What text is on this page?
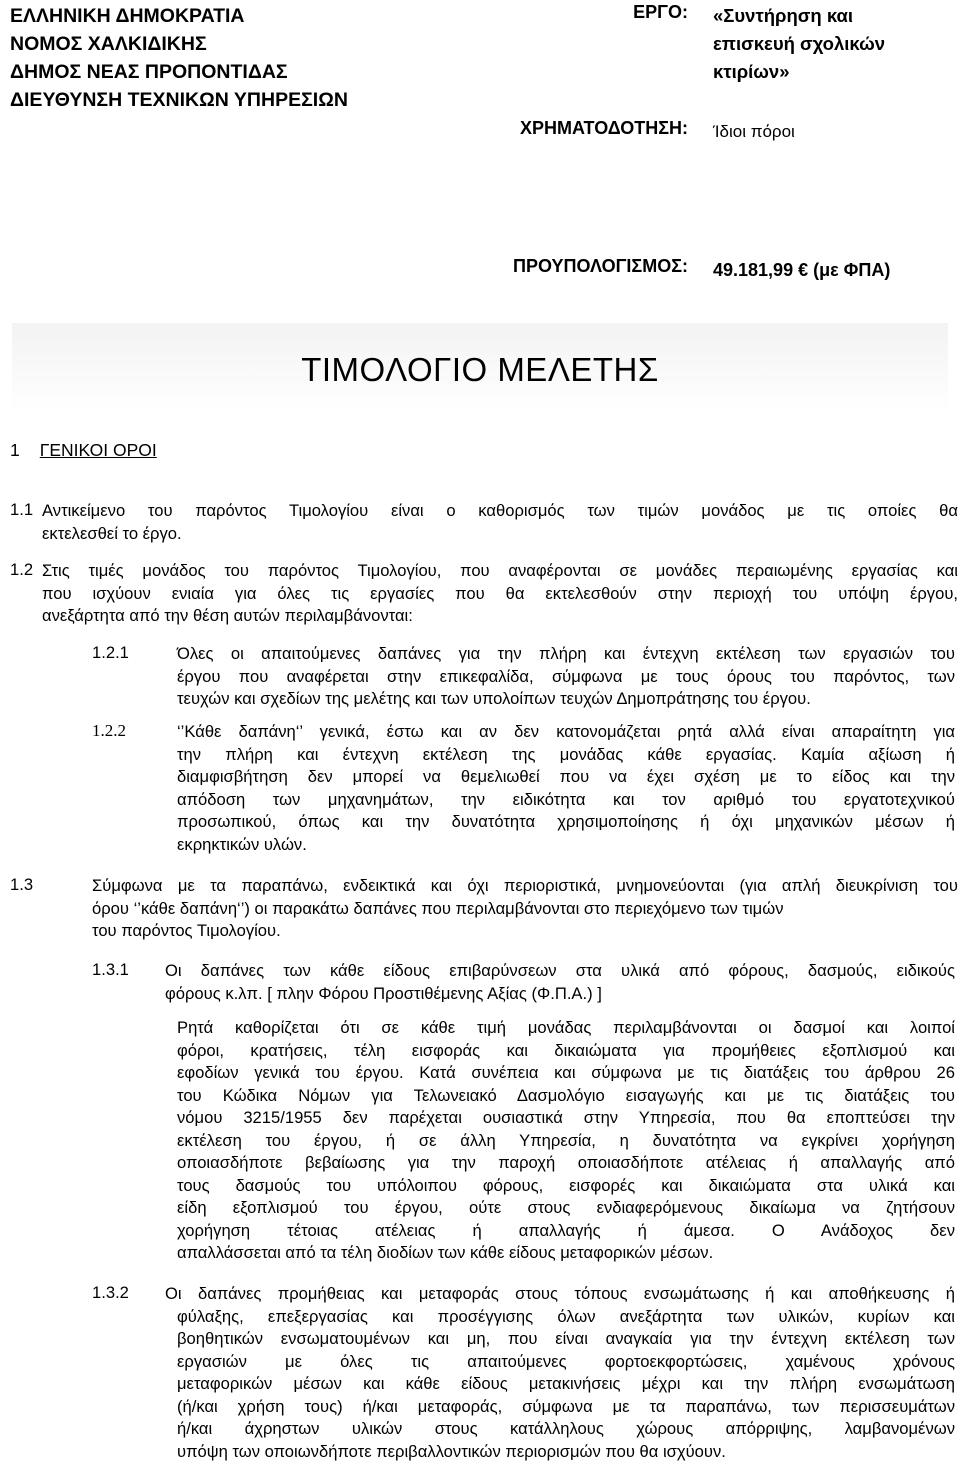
ΕΛΛΗΝΙΚΗ ΔΗΜΟΚΡΑΤΙΑ
ΝΟΜΟΣ ΧΑΛΚΙΔΙΚΗΣ
ΔΗΜΟΣ ΝΕΑΣ ΠΡΟΠΟΝΤΙΔΑΣ
ΔΙΕΥΘΥΝΣΗ ΤΕΧΝΙΚΩΝ ΥΠΗΡΕΣΙΩΝ
ΕΡΓΟ: «Συντήρηση και
επισκευή σχολικών
κτιρίων»
ΧΡΗΜΑΤΟΔΟΤΗΣΗ: Ίδιοι πόροι
ΠΡΟΥΠΟΛΟΓΙΣΜΟΣ: 49.181,99 € (με ΦΠΑ)
ΤΙΜΟΛΟΓΙΟ ΜΕΛΕΤΗΣ
1 ΓΕΝΙΚΟΙ ΟΡΟΙ
1.1 Αντικείμενο του παρόντος Τιμολογίου είναι ο καθορισμός των τιμών μονάδος με τις οποίες θα
εκτελεσθεί το έργο.
1.2 Στις τιμές μονάδος του παρόντος Τιμολογίου, που αναφέρονται σε μονάδες περαιωμένης εργασίας και
που ισχύουν ενιαία για όλες τις εργασίες που θα εκτελεσθούν στην περιοχή του υπόψη έργου,
ανεξάρτητα από την θέση αυτών περιλαμβάνονται:
1.2.1	Όλες οι απαιτούμενες δαπάνες για την πλήρη και έντεχνη εκτέλεση των εργασιών του
έργου που αναφέρεται στην επικεφαλίδα, σύμφωνα με τους όρους του παρόντος, των
τευχών και σχεδίων της μελέτης και των υπολοίπων τευχών Δημοπράτησης του έργου.
1.2.2	‘’Κάθε δαπάνη‘’ γενικά, έστω και αν δεν κατονομάζεται ρητά αλλά είναι απαραίτητη για
την πλήρη και έντεχνη εκτέλεση της μονάδας κάθε εργασίας. Καμία αξίωση ή
διαμφισβήτηση δεν μπορεί να θεμελιωθεί που να έχει σχέση με το είδος και την
απόδοση των μηχανημάτων, την ειδικότητα και τον αριθμό του εργατοτεχνικού
προσωπικού, όπως και την δυνατότητα χρησιμοποίησης ή όχι μηχανικών μέσων ή
εκρηκτικών υλών.
1.3	Σύμφωνα με τα παραπάνω, ενδεικτικά και όχι περιοριστικά, μνημονεύονται (για απλή διευκρίνιση του
όρου ‘’κάθε δαπάνη‘’) οι παρακάτω δαπάνες που περιλαμβάνονται στο περιεχόμενο των τιμών
του παρόντος Τιμολογίου.
1.3.1 Οι δαπάνες των κάθε είδους επιβαρύνσεων στα υλικά από φόρους, δασμούς, ειδικούς
φόρους κ.λπ. [ πλην Φόρου Προστιθέμενης Αξίας (Φ.Π.Α.) ]
Ρητά καθορίζεται ότι σε κάθε τιμή μονάδας περιλαμβάνονται οι δασμοί και λοιποί
φόροι, κρατήσεις, τέλη εισφοράς και δικαιώματα για προμήθειες εξοπλισμού και
εφοδίων γενικά του έργου. Κατά συνέπεια και σύμφωνα με τις διατάξεις του άρθρου 26
του Κώδικα Νόμων για Τελωνειακό Δασμολόγιο εισαγωγής και με τις διατάξεις του
νόμου 3215/1955 δεν παρέχεται ουσιαστικά στην Υπηρεσία, που θα εποπτεύσει την
εκτέλεση του έργου, ή σε άλλη Υπηρεσία, η δυνατότητα να εγκρίνει χορήγηση
οποιασδήποτε βεβαίωσης για την παροχή οποιασδήποτε ατέλειας ή απαλλαγής από
τους δασμούς του υπόλοιπου φόρους, εισφορές και δικαιώματα στα υλικά και
είδη εξοπλισμού του έργου, ούτε στους ενδιαφερόμενους δικαίωμα να ζητήσουν
χορήγηση τέτοιας ατέλειας ή απαλλαγής ή άμεσα. Ο Ανάδοχος δεν
απαλλάσσεται από τα τέλη διοδίων των κάθε είδους μεταφορικών μέσων.
1.3.2 Οι δαπάνες προμήθειας και μεταφοράς στους τόπους ενσωμάτωσης ή και αποθήκευσης ή
φύλαξης, επεξεργασίας και προσέγγισης όλων ανεξάρτητα των υλικών, κυρίων και
βοηθητικών ενσωματουμένων και μη, που είναι αναγκαία για την έντεχνη εκτέλεση των
εργασιών με όλες τις απαιτούμενες φορτοεκφορτώσεις, χαμένους χρόνους
μεταφορικών μέσων και κάθε είδους μετακινήσεις μέχρι και την πλήρη ενσωμάτωση
(ή/και χρήση τους) ή/και μεταφοράς, σύμφωνα με τα παραπάνω, των περισσευμάτων
ή/και άχρηστων υλικών στους κατάλληλους χώρους απόρριψης, λαμβανομένων
υπόψη των οποιωνδήποτε περιβαλλοντικών περιορισμών που θα ισχύουν.
